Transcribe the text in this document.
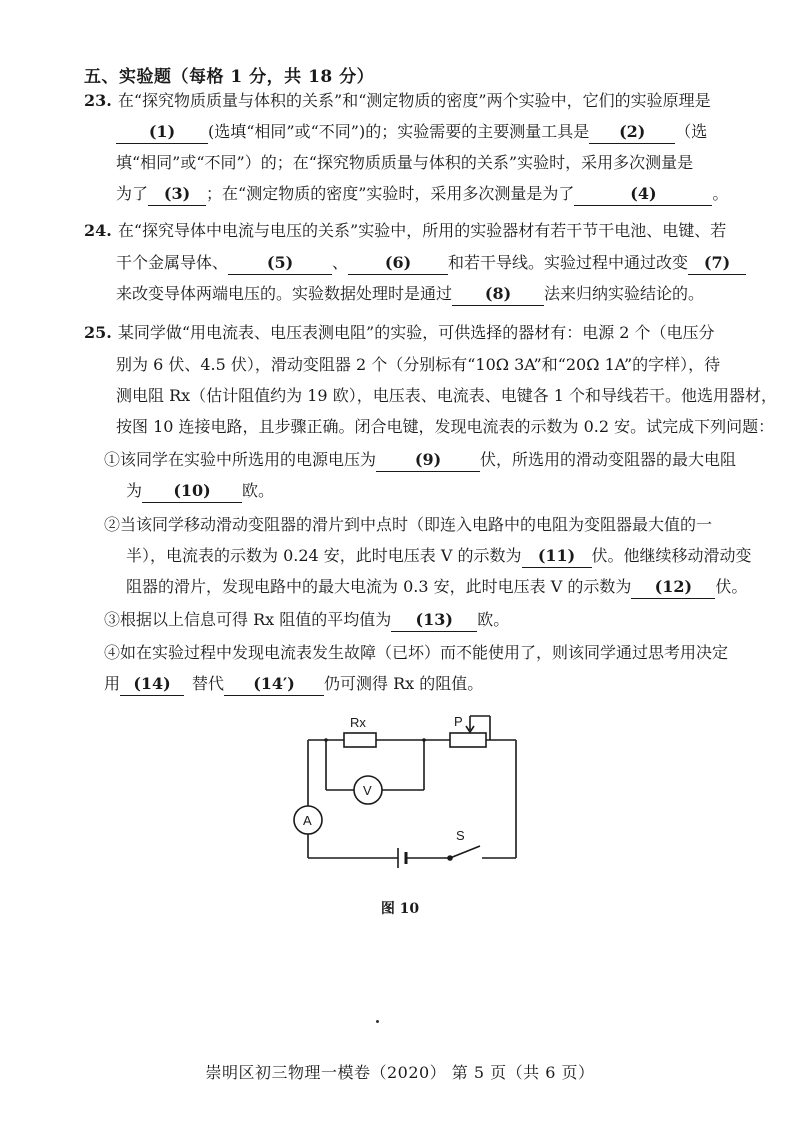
五、实验题（每格 1 分，共 18 分）
23. 在“探究物质质量与体积的关系”和“测定物质的密度”两个实验中，它们的实验原理是
(1) (选填“相同”或“不同”)的；实验需要的主要测量工具是 (2) （选
填“相同”或“不同”）的；在“探究物质质量与体积的关系”实验时，采用多次测量是
为了 (3) ；在“测定物质的密度”实验时，采用多次测量是为了	(4)	。
24. 在“探究导体中电流与电压的关系”实验中，所用的实验器材有若干节干电池、电键、若
干个金属导体、 (5) 、 (6) 和若干导线。实验过程中通过改变 (7)
来改变导体两端电压的。实验数据处理时是通过 (8) 法来归纳实验结论的。
25. 某同学做“用电流表、电压表测电阻”的实验，可供选择的器材有：电源 2 个（电压分
别为 6 伏、4.5 伏），滑动变阻器 2 个（分别标有“10Ω 3A”和“20Ω 1A”的字样），待
测电阻 Rx（估计阻值约为 19 欧），电压表、电流表、电键各 1 个和导线若干。他选用器材，
按图 10 连接电路，且步骤正确。闭合电键，发现电流表的示数为 0.2 安。试完成下列问题：
①该同学在实验中所选用的电源电压为 (9) 伏，所选用的滑动变阻器的最大电阻
为 (10) 欧。
②当该同学移动滑动变阻器的滑片到中点时（即连入电路中的电阻为变阻器最大值的一
半），电流表的示数为 0.24 安，此时电压表 V 的示数为 (11) 伏。他继续移动滑动变
阻器的滑片，发现电路中的最大电流为 0.3 安，此时电压表 V 的示数为 (12) 伏。
③根据以上信息可得 Rx 阻值的平均值为 (13) 欧。
④如在实验过程中发现电流表发生故障（已坏）而不能使用了，则该同学通过思考用决定
用 (14) 替代 (14′) 仍可测得 Rx 的阻值。
Rx	P
V
A
S
图 10
崇明区初三物理一模卷（2020） 第 5 页（共 6 页）
